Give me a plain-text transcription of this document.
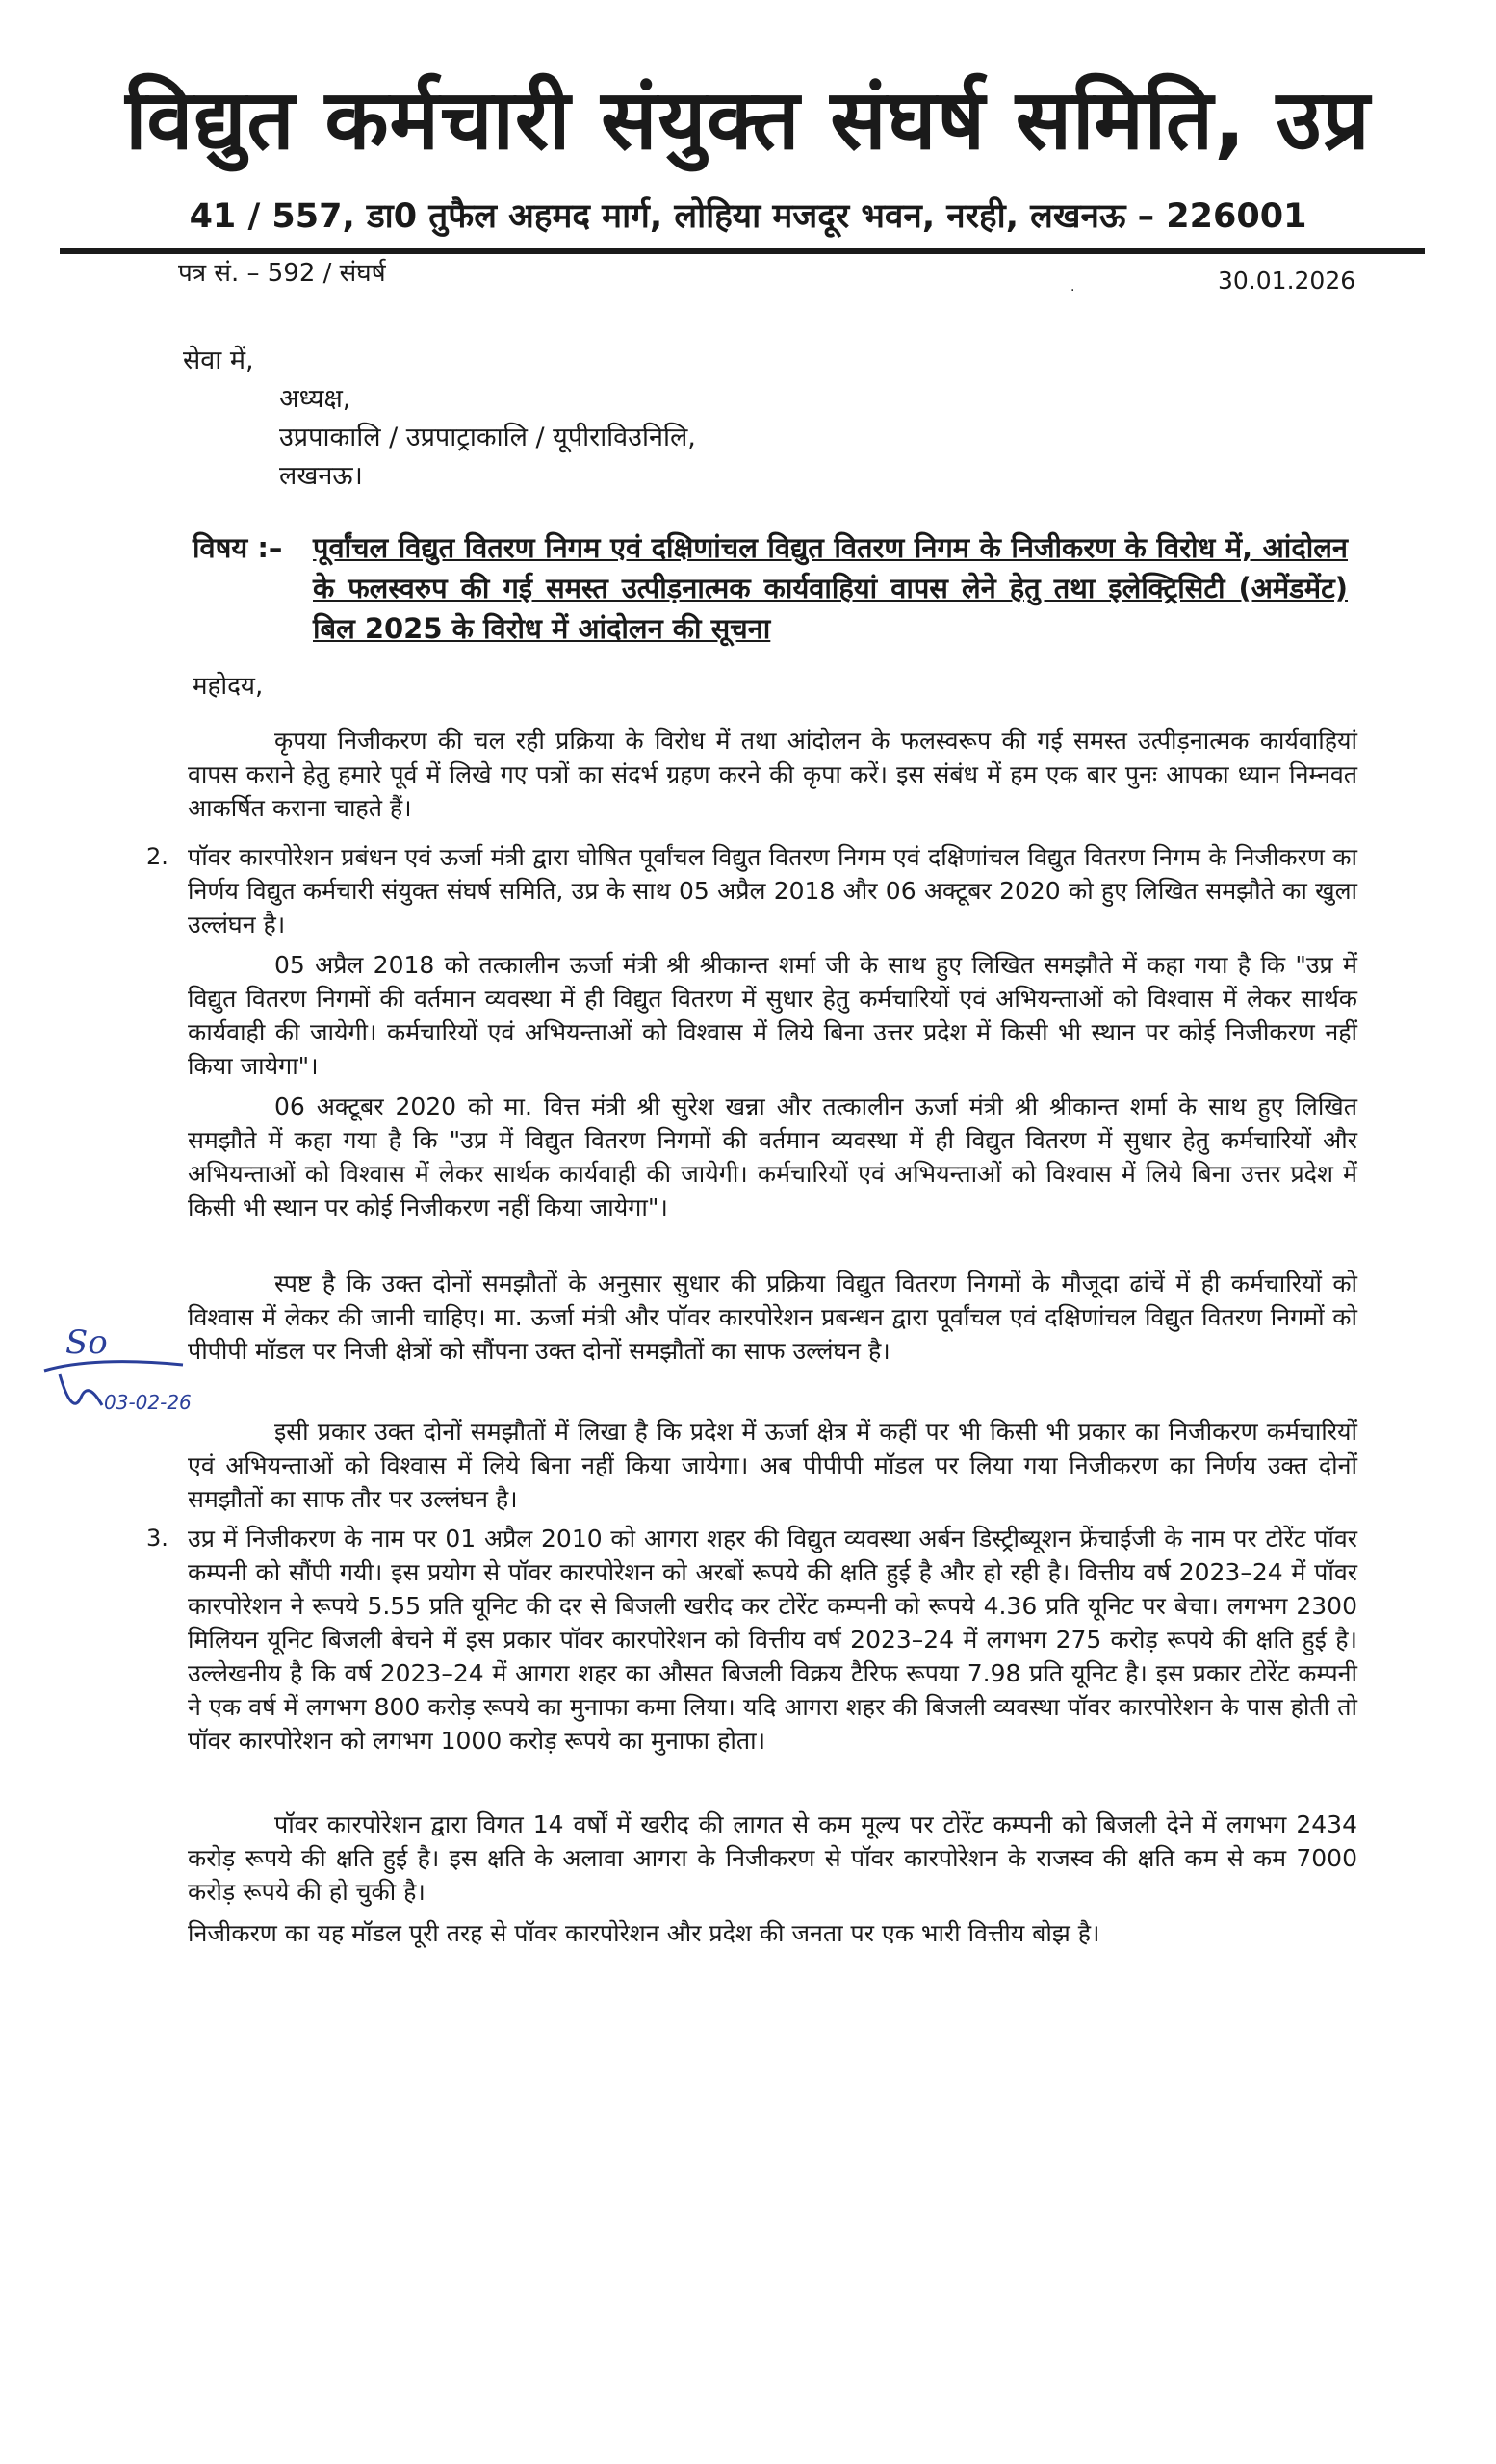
विद्युत कर्मचारी संयुक्त संघर्ष समिति, उप्र
41 / 557, डा0 तुफैल अहमद मार्ग, लोहिया मजदूर भवन, नरही, लखनऊ – 226001
पत्र सं. – 592 / संघर्ष
·	30.01.2026
सेवा में,
अध्यक्ष,
उप्रपाकालि / उप्रपाट्राकालि / यूपीराविउनिलि,
लखनऊ।
विषय :– पूर्वांचल विद्युत वितरण निगम एवं दक्षिणांचल विद्युत वितरण निगम के निजीकरण के विरोध में, आंदोलन के फलस्वरुप की गई समस्त उत्पीड़नात्मक कार्यवाहियां वापस लेने हेतु तथा इलेक्ट्रिसिटी (अमेंडमेंट) बिल 2025 के विरोध में आंदोलन की सूचना
महोदय,
कृपया निजीकरण की चल रही प्रक्रिया के विरोध में तथा आंदोलन के फलस्वरूप की गई समस्त उत्पीड़नात्मक कार्यवाहियां वापस कराने हेतु हमारे पूर्व में लिखे गए पत्रों का संदर्भ ग्रहण करने की कृपा करें। इस संबंध में हम एक बार पुनः आपका ध्यान निम्नवत आकर्षित कराना चाहते हैं।
2. पॉवर कारपोरेशन प्रबंधन एवं ऊर्जा मंत्री द्वारा घोषित पूर्वांचल विद्युत वितरण निगम एवं दक्षिणांचल विद्युत वितरण निगम के निजीकरण का निर्णय विद्युत कर्मचारी संयुक्त संघर्ष समिति, उप्र के साथ 05 अप्रैल 2018 और 06 अक्टूबर 2020 को हुए लिखित समझौते का खुला उल्लंघन है।
05 अप्रैल 2018 को तत्कालीन ऊर्जा मंत्री श्री श्रीकान्त शर्मा जी के साथ हुए लिखित समझौते में कहा गया है कि "उप्र में विद्युत वितरण निगमों की वर्तमान व्यवस्था में ही विद्युत वितरण में सुधार हेतु कर्मचारियों एवं अभियन्ताओं को विश्वास में लेकर सार्थक कार्यवाही की जायेगी। कर्मचारियों एवं अभियन्ताओं को विश्वास में लिये बिना उत्तर प्रदेश में किसी भी स्थान पर कोई निजीकरण नहीं किया जायेगा"।
06 अक्टूबर 2020 को मा. वित्त मंत्री श्री सुरेश खन्ना और तत्कालीन ऊर्जा मंत्री श्री श्रीकान्त शर्मा के साथ हुए लिखित समझौते में कहा गया है कि "उप्र में विद्युत वितरण निगमों की वर्तमान व्यवस्था में ही विद्युत वितरण में सुधार हेतु कर्मचारियों और अभियन्ताओं को विश्वास में लेकर सार्थक कार्यवाही की जायेगी। कर्मचारियों एवं अभियन्ताओं को विश्वास में लिये बिना उत्तर प्रदेश में किसी भी स्थान पर कोई निजीकरण नहीं किया जायेगा"।
स्पष्ट है कि उक्त दोनों समझौतों के अनुसार सुधार की प्रक्रिया विद्युत वितरण निगमों के मौजूदा ढांचें में ही कर्मचारियों को विश्वास में लेकर की जानी चाहिए। मा. ऊर्जा मंत्री और पॉवर कारपोरेशन प्रबन्धन द्वारा पूर्वांचल एवं दक्षिणांचल विद्युत वितरण निगमों को पीपीपी मॉडल पर निजी क्षेत्रों को सौंपना उक्त दोनों समझौतों का साफ उल्लंघन है।
इसी प्रकार उक्त दोनों समझौतों में लिखा है कि प्रदेश में ऊर्जा क्षेत्र में कहीं पर भी किसी भी प्रकार का निजीकरण कर्मचारियों एवं अभियन्ताओं को विश्वास में लिये बिना नहीं किया जायेगा। अब पीपीपी मॉडल पर लिया गया निजीकरण का निर्णय उक्त दोनों समझौतों का साफ तौर पर उल्लंघन है।
3. उप्र में निजीकरण के नाम पर 01 अप्रैल 2010 को आगरा शहर की विद्युत व्यवस्था अर्बन डिस्ट्रीब्यूशन फ्रेंचाईजी के नाम पर टोरेंट पॉवर कम्पनी को सौंपी गयी। इस प्रयोग से पॉवर कारपोरेशन को अरबों रूपये की क्षति हुई है और हो रही है। वित्तीय वर्ष 2023–24 में पॉवर कारपोरेशन ने रूपये 5.55 प्रति यूनिट की दर से बिजली खरीद कर टोरेंट कम्पनी को रूपये 4.36 प्रति यूनिट पर बेचा। लगभग 2300 मिलियन यूनिट बिजली बेचने में इस प्रकार पॉवर कारपोरेशन को वित्तीय वर्ष 2023–24 में लगभग 275 करोड़ रूपये की क्षति हुई है। उल्लेखनीय है कि वर्ष 2023–24 में आगरा शहर का औसत बिजली विक्रय टैरिफ रूपया 7.98 प्रति यूनिट है। इस प्रकार टोरेंट कम्पनी ने एक वर्ष में लगभग 800 करोड़ रूपये का मुनाफा कमा लिया। यदि आगरा शहर की बिजली व्यवस्था पॉवर कारपोरेशन के पास होती तो पॉवर कारपोरेशन को लगभग 1000 करोड़ रूपये का मुनाफा होता।
पॉवर कारपोरेशन द्वारा विगत 14 वर्षों में खरीद की लागत से कम मूल्य पर टोरेंट कम्पनी को बिजली देने में लगभग 2434 करोड़ रूपये की क्षति हुई है। इस क्षति के अलावा आगरा के निजीकरण से पॉवर कारपोरेशन के राजस्व की क्षति कम से कम 7000 करोड़ रूपये की हो चुकी है।
निजीकरण का यह मॉडल पूरी तरह से पॉवर कारपोरेशन और प्रदेश की जनता पर एक भारी वित्तीय बोझ है।
So
03-02-26
